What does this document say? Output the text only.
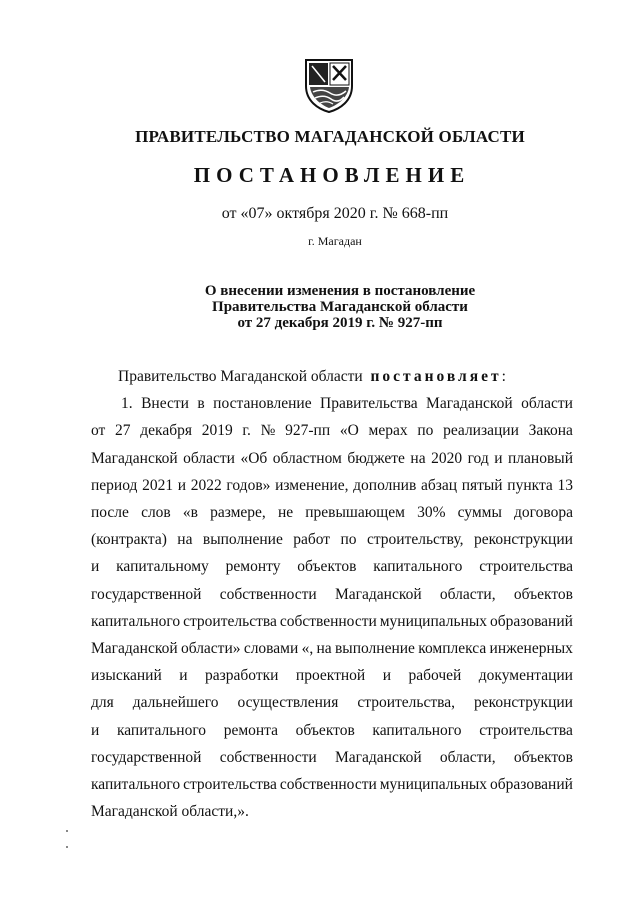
ПРАВИТЕЛЬСТВО МАГАДАНСКОЙ ОБЛАСТИ
ПОСТАНОВЛЕНИЕ
от «07» октября 2020 г. № 668-пп
г. Магадан
О внесении изменения в постановление
Правительства Магаданской области
от 27 декабря 2019 г. № 927-пп
Правительство Магаданской области
постановляет :
1. Внести в постановление Правительства Магаданской области
от 27 декабря 2019 г. № 927-пп «О мерах по реализации Закона
Магаданской области «Об областном бюджете на 2020 год и плановый
период 2021 и 2022 годов» изменение, дополнив абзац пятый пункта 13
после слов «в размере, не превышающем 30% суммы договора
(контракта) на выполнение работ по строительству, реконструкции
и капитальному ремонту объектов капитального строительства
государственной собственности Магаданской области, объектов
капитального строительства собственности муниципальных образований
Магаданской области» словами «, на выполнение комплекса инженерных
изысканий и разработки проектной и рабочей документации
для дальнейшего осуществления строительства, реконструкции
и капитального ремонта объектов капитального строительства
государственной собственности Магаданской области, объектов
капитального строительства собственности муниципальных образований
Магаданской области,».
